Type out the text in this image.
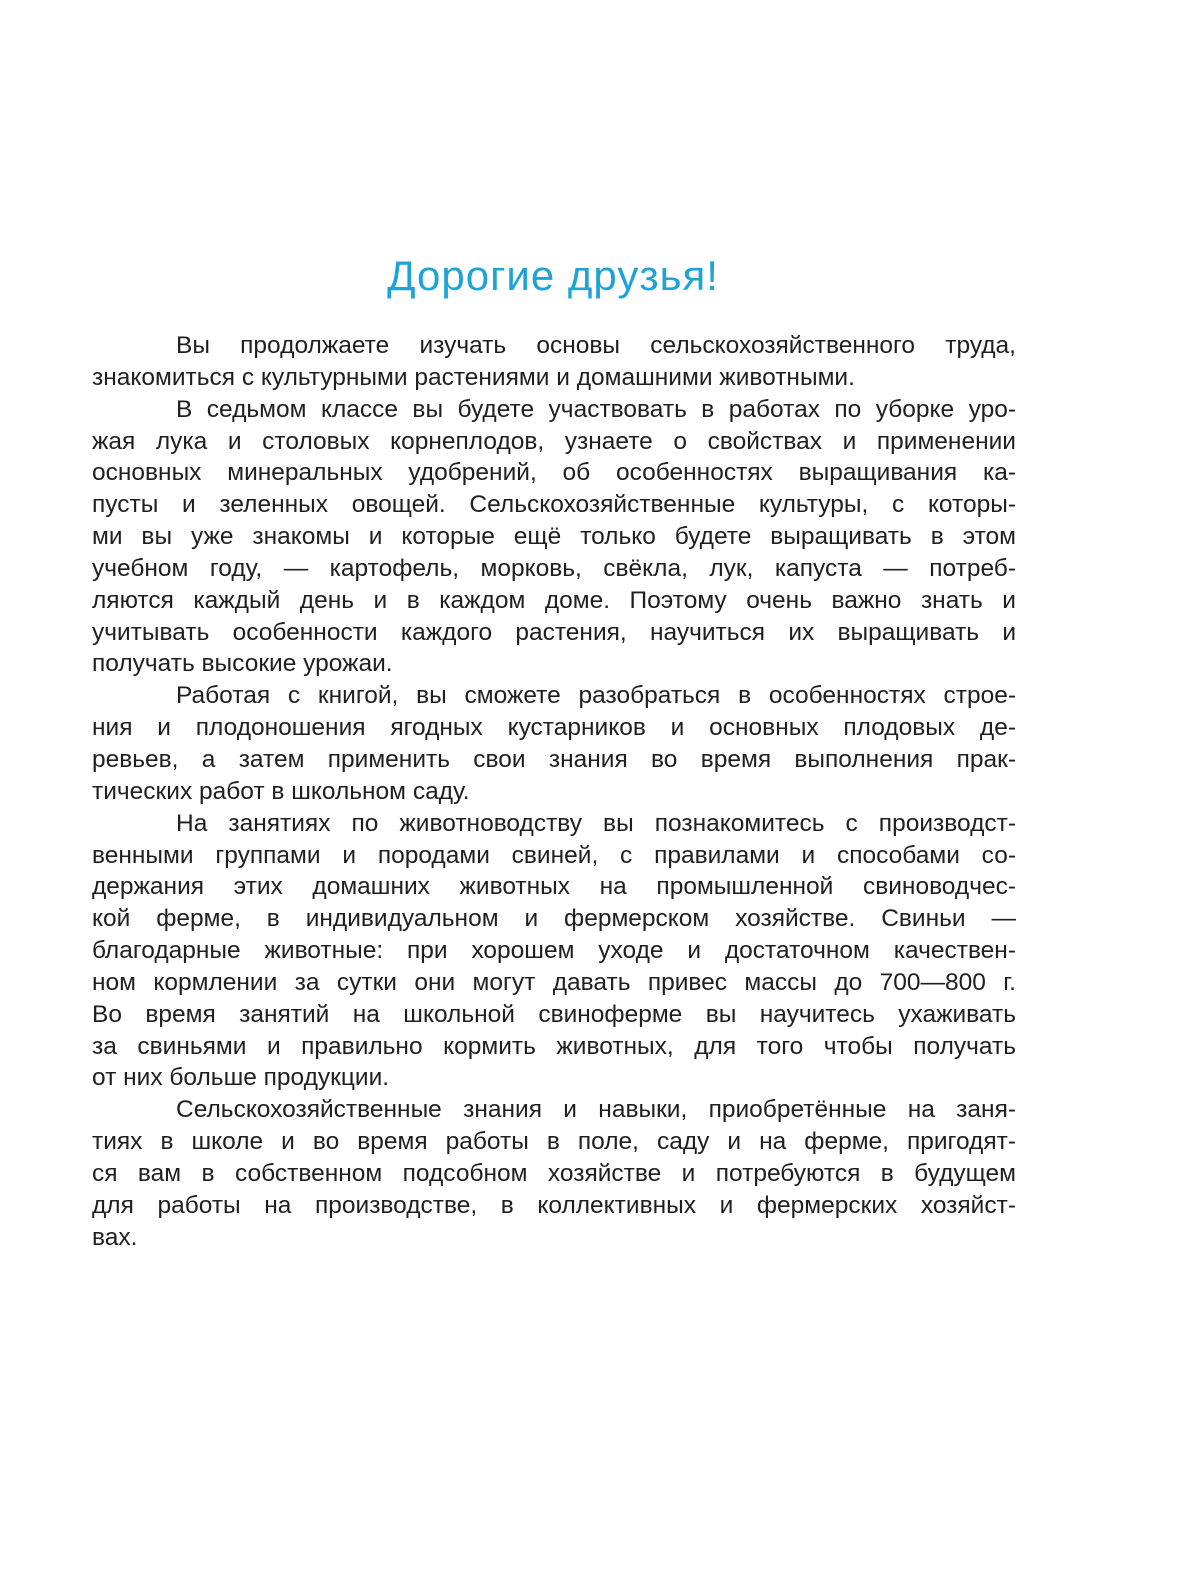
Дорогие друзья!
Вы продолжаете изучать основы сельскохозяйственного труда,
знакомиться с культурными растениями и домашними животными.
В седьмом классе вы будете участвовать в работах по уборке уро-
жая лука и столовых корнеплодов, узнаете о свойствах и применении
основных минеральных удобрений, об особенностях выращивания ка-
пусты и зеленных овощей. Сельскохозяйственные культуры, с которы-
ми вы уже знакомы и которые ещё только будете выращивать в этом
учебном году, — картофель, морковь, свёкла, лук, капуста — потреб-
ляются каждый день и в каждом доме. Поэтому очень важно знать и
учитывать особенности каждого растения, научиться их выращивать и
получать высокие урожаи.
Работая с книгой, вы сможете разобраться в особенностях строе-
ния и плодоношения ягодных кустарников и основных плодовых де-
ревьев, а затем применить свои знания во время выполнения прак-
тических работ в школьном саду.
На занятиях по животноводству вы познакомитесь с производст-
венными группами и породами свиней, с правилами и способами со-
держания этих домашних животных на промышленной свиноводчес-
кой ферме, в индивидуальном и фермерском хозяйстве. Свиньи —
благодарные животные: при хорошем уходе и достаточном качествен-
ном кормлении за сутки они могут давать привес массы до 700—800 г.
Во время занятий на школьной свиноферме вы научитесь ухаживать
за свиньями и правильно кормить животных, для того чтобы получать
от них больше продукции.
Сельскохозяйственные знания и навыки, приобретённые на заня-
тиях в школе и во время работы в поле, саду и на ферме, пригодят-
ся вам в собственном подсобном хозяйстве и потребуются в будущем
для работы на производстве, в коллективных и фермерских хозяйст-
вах.
